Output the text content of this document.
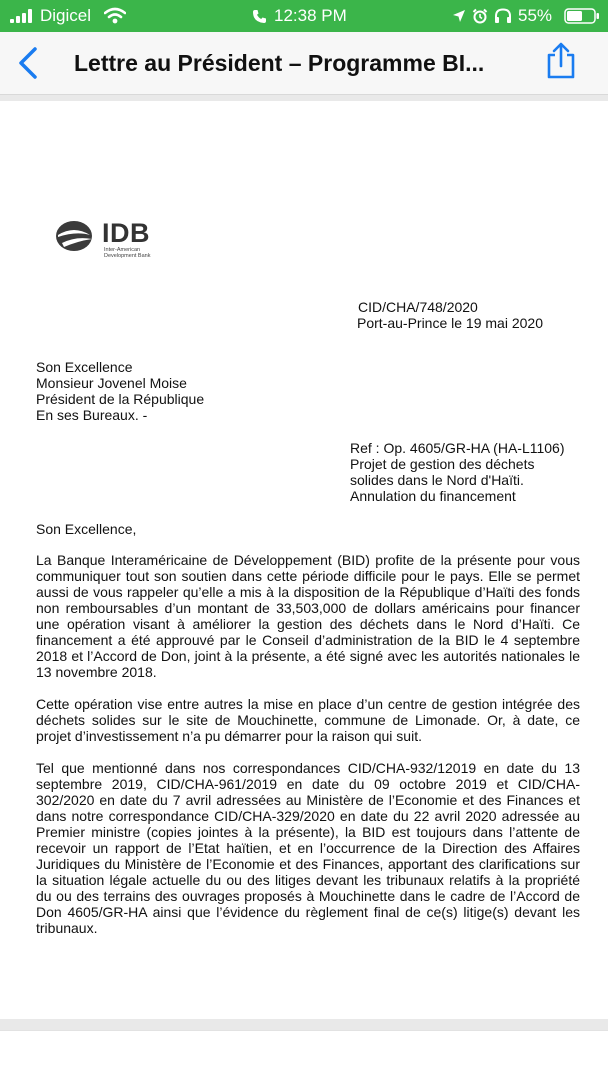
Digicel	12:38 PM	55%
Lettre au Président – Programme BI...
IDB
Inter-American
Development Bank
CID/CHA/748/2020
Port-au-Prince le 19 mai 2020
Son Excellence
Monsieur Jovenel Moise
Président de la République
En ses Bureaux. -
Ref : Op. 4605/GR-HA (HA-L1106)
Projet de gestion des déchets
solides dans le Nord d'Haïti.
Annulation du financement
Son Excellence,
La Banque Interaméricaine de Développement (BID) profite de la présente pour vous communiquer tout son soutien dans cette période difficile pour le pays. Elle se permet aussi de vous rappeler qu’elle a mis à la disposition de la République d’Haïti des fonds non remboursables d’un montant de 33,503,000 de dollars américains pour financer une opération visant à améliorer la gestion des déchets dans le Nord d’Haïti. Ce financement a été approuvé par le Conseil d’administration de la BID le 4 septembre 2018 et l’Accord de Don, joint à la présente, a été signé avec les autorités nationales le 13 novembre 2018.
Cette opération vise entre autres la mise en place d’un centre de gestion intégrée des déchets solides sur le site de Mouchinette, commune de Limonade. Or, à date, ce projet d’investissement n’a pu démarrer pour la raison qui suit.
Tel que mentionné dans nos correspondances CID/CHA-932/12019 en date du 13 septembre 2019, CID/CHA-961/2019 en date du 09 octobre 2019 et CID/CHA-302/2020 en date du 7 avril adressées au Ministère de l’Economie et des Finances et dans notre correspondance CID/CHA-329/2020 en date du 22 avril 2020 adressée au Premier ministre (copies jointes à la présente), la BID est toujours dans l’attente de recevoir un rapport de l’Etat haïtien, et en l’occurrence de la Direction des Affaires Juridiques du Ministère de l’Economie et des Finances, apportant des clarifications sur la situation légale actuelle du ou des litiges devant les tribunaux relatifs à la propriété du ou des terrains des ouvrages proposés à Mouchinette dans le cadre de l’Accord de Don 4605/GR-HA ainsi que l’évidence du règlement final de ce(s) litige(s) devant les tribunaux.
